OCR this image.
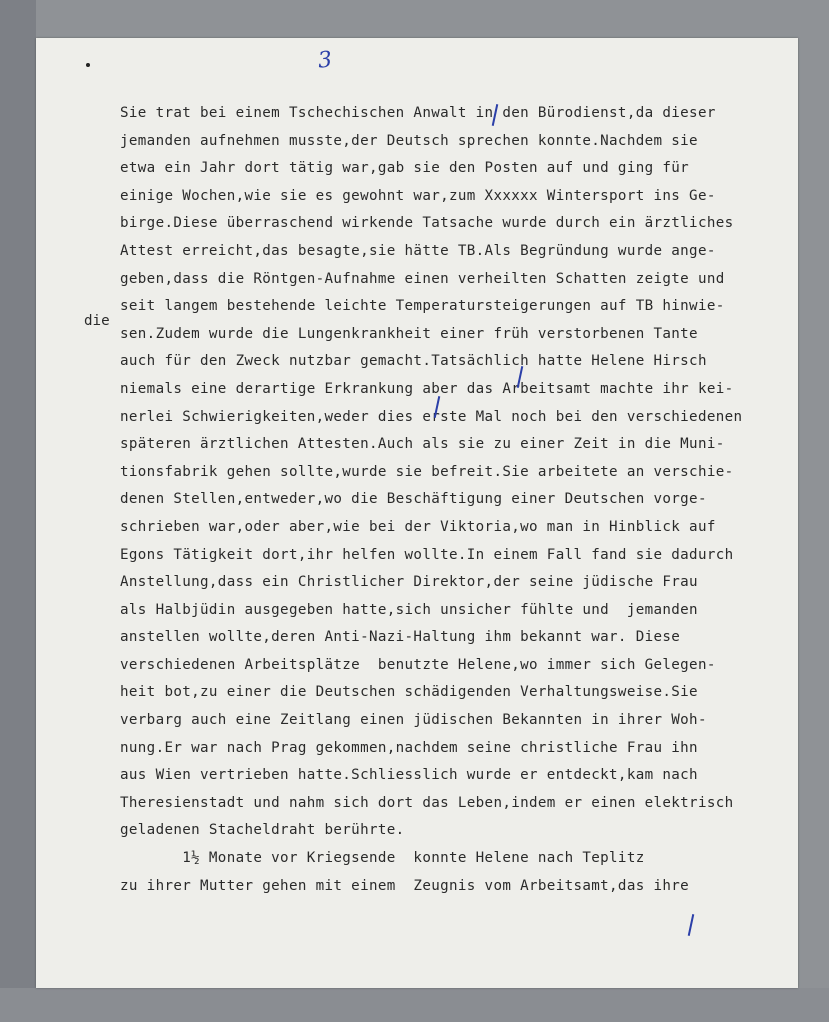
3

die

Sie trat bei einem Tschechischen Anwalt in den Bürodienst,da dieser
jemanden aufnehmen musste,der Deutsch sprechen konnte.Nachdem sie
etwa ein Jahr dort tätig war,gab sie den Posten auf und ging für
einige Wochen,wie sie es gewohnt war,zum Xxxxxx Wintersport ins Ge-
birge.Diese überraschend wirkende Tatsache wurde durch ein ärztliches
Attest erreicht,das besagte,sie hätte TB.Als Begründung wurde ange-
geben,dass die Röntgen-Aufnahme einen verheilten Schatten zeigte und
seit langem bestehende leichte Temperatursteigerungen auf TB hinwie-
sen.Zudem wurde die Lungenkrankheit einer früh verstorbenen Tante
auch für den Zweck nutzbar gemacht.Tatsächlich hatte Helene Hirsch
niemals eine derartige Erkrankung aber das Arbeitsamt machte ihr kei-
nerlei Schwierigkeiten,weder dies erste Mal noch bei den verschiedenen
späteren ärztlichen Attesten.Auch als sie zu einer Zeit in die Muni-
tionsfabrik gehen sollte,wurde sie befreit.Sie arbeitete an verschie-
denen Stellen,entweder,wo die Beschäftigung einer Deutschen vorge-
schrieben war,oder aber,wie bei der Viktoria,wo man in Hinblick auf
Egons Tätigkeit dort,ihr helfen wollte.In einem Fall fand sie dadurch
Anstellung,dass ein Christlicher Direktor,der seine jüdische Frau
als Halbjüdin ausgegeben hatte,sich unsicher fühlte und  jemanden
anstellen wollte,deren Anti-Nazi-Haltung ihm bekannt war. Diese
verschiedenen Arbeitsplätze  benutzte Helene,wo immer sich Gelegen-
heit bot,zu einer die Deutschen schädigenden Verhaltungsweise.Sie
verbarg auch eine Zeitlang einen jüdischen Bekannten in ihrer Woh-
nung.Er war nach Prag gekommen,nachdem seine christliche Frau ihn
aus Wien vertrieben hatte.Schliesslich wurde er entdeckt,kam nach
Theresienstadt und nahm sich dort das Leben,indem er einen elektrisch
geladenen Stacheldraht berührte.
1½ Monate vor Kriegsende  konnte Helene nach Teplitz
zu ihrer Mutter gehen mit einem  Zeugnis vom Arbeitsamt,das ihre
